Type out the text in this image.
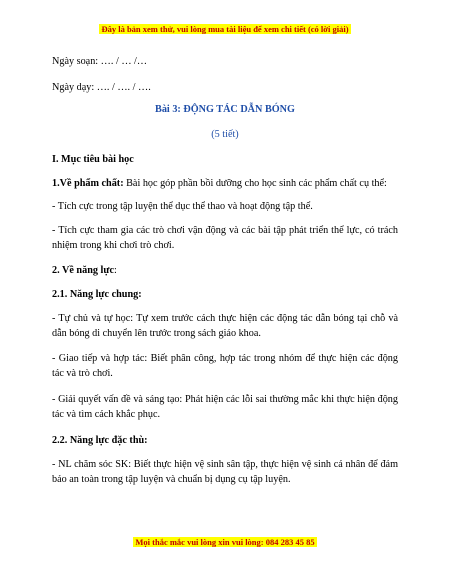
Đây là bản xem thử, vui lòng mua tài liệu để xem chi tiết (có lời giải)
Ngày soạn: …. / … /…
Ngày dạy: …. / …. / ….
Bài 3: ĐỘNG TÁC DẪN BÓNG
(5 tiết)
I. Mục tiêu bài học
1.Về phẩm chất: Bài học góp phần bồi dưỡng cho học sinh các phẩm chất cụ thể:
- Tích cực trong tập luyện thể dục thể thao và hoạt động tập thể.
- Tích cực tham gia các trò chơi vận động và các bài tập phát triển thể lực, có trách nhiệm trong khi chơi trò chơi.
2. Về năng lực:
2.1. Năng lực chung:
- Tự chủ và tự học: Tự xem trước cách thực hiện các động tác dẫn bóng tại chỗ và dẫn bóng di chuyển lên trước trong sách giáo khoa.
- Giao tiếp và hợp tác: Biết phân công, hợp tác trong nhóm để thực hiện các động tác và trò chơi.
- Giải quyết vấn đề và sáng tạo: Phát hiện các lỗi sai thường mắc khi thực hiện động tác và tìm cách khắc phục.
2.2. Năng lực đặc thù:
- NL chăm sóc SK: Biết thực hiện vệ sinh sân tập, thực hiện vệ sinh cá nhân để đảm bảo an toàn trong tập luyện và chuẩn bị dụng cụ tập luyện.
Mọi thắc mắc vui lòng xin vui lòng: 084 283 45 85
